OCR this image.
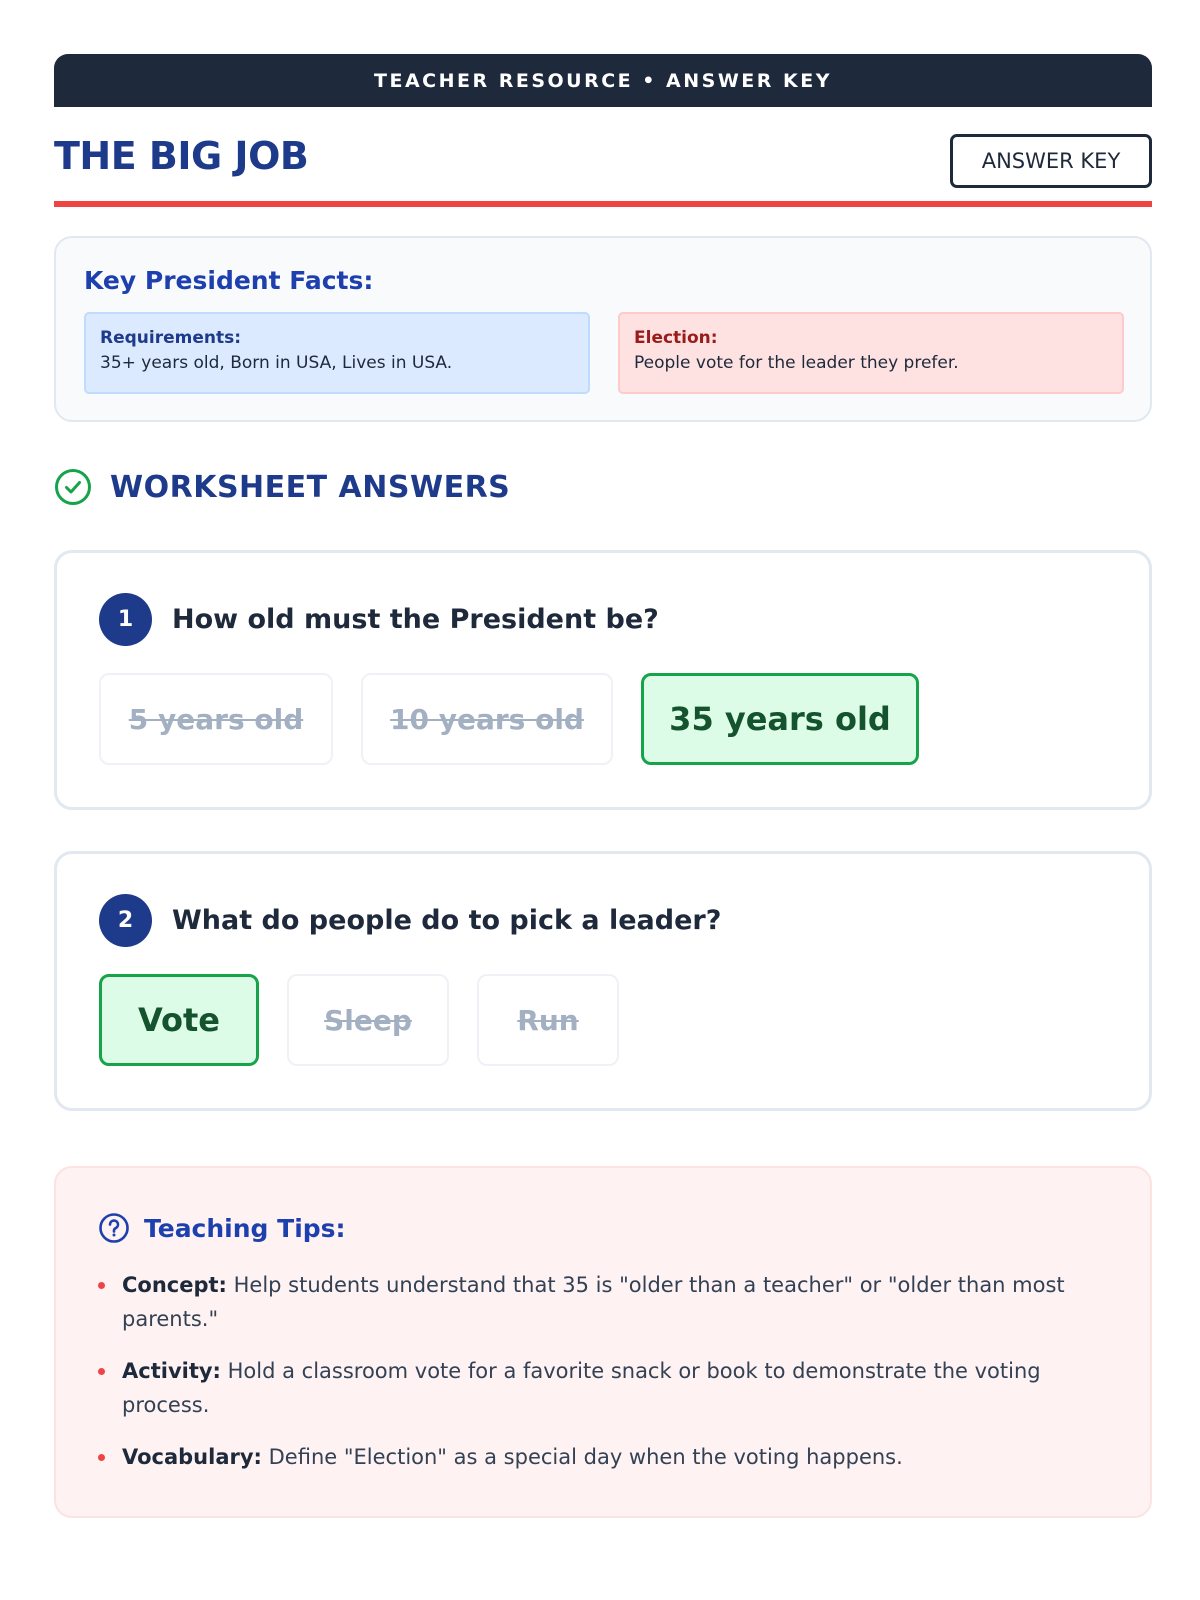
TEACHER RESOURCE • ANSWER KEY
THE BIG JOB	ANSWER KEY
Key President Facts:
Requirements:
35+ years old, Born in USA, Lives in USA.
Election:
People vote for the leader they prefer.
WORKSHEET ANSWERS
1	How old must the President be?
5 years old	10 years old	35 years old
2	What do people do to pick a leader?
Vote	Sleep	Run
Teaching Tips:
Concept: Help students understand that 35 is "older than a teacher" or "older than most parents."
Activity: Hold a classroom vote for a favorite snack or book to demonstrate the voting process.
Vocabulary: Define "Election" as a special day when the voting happens.
